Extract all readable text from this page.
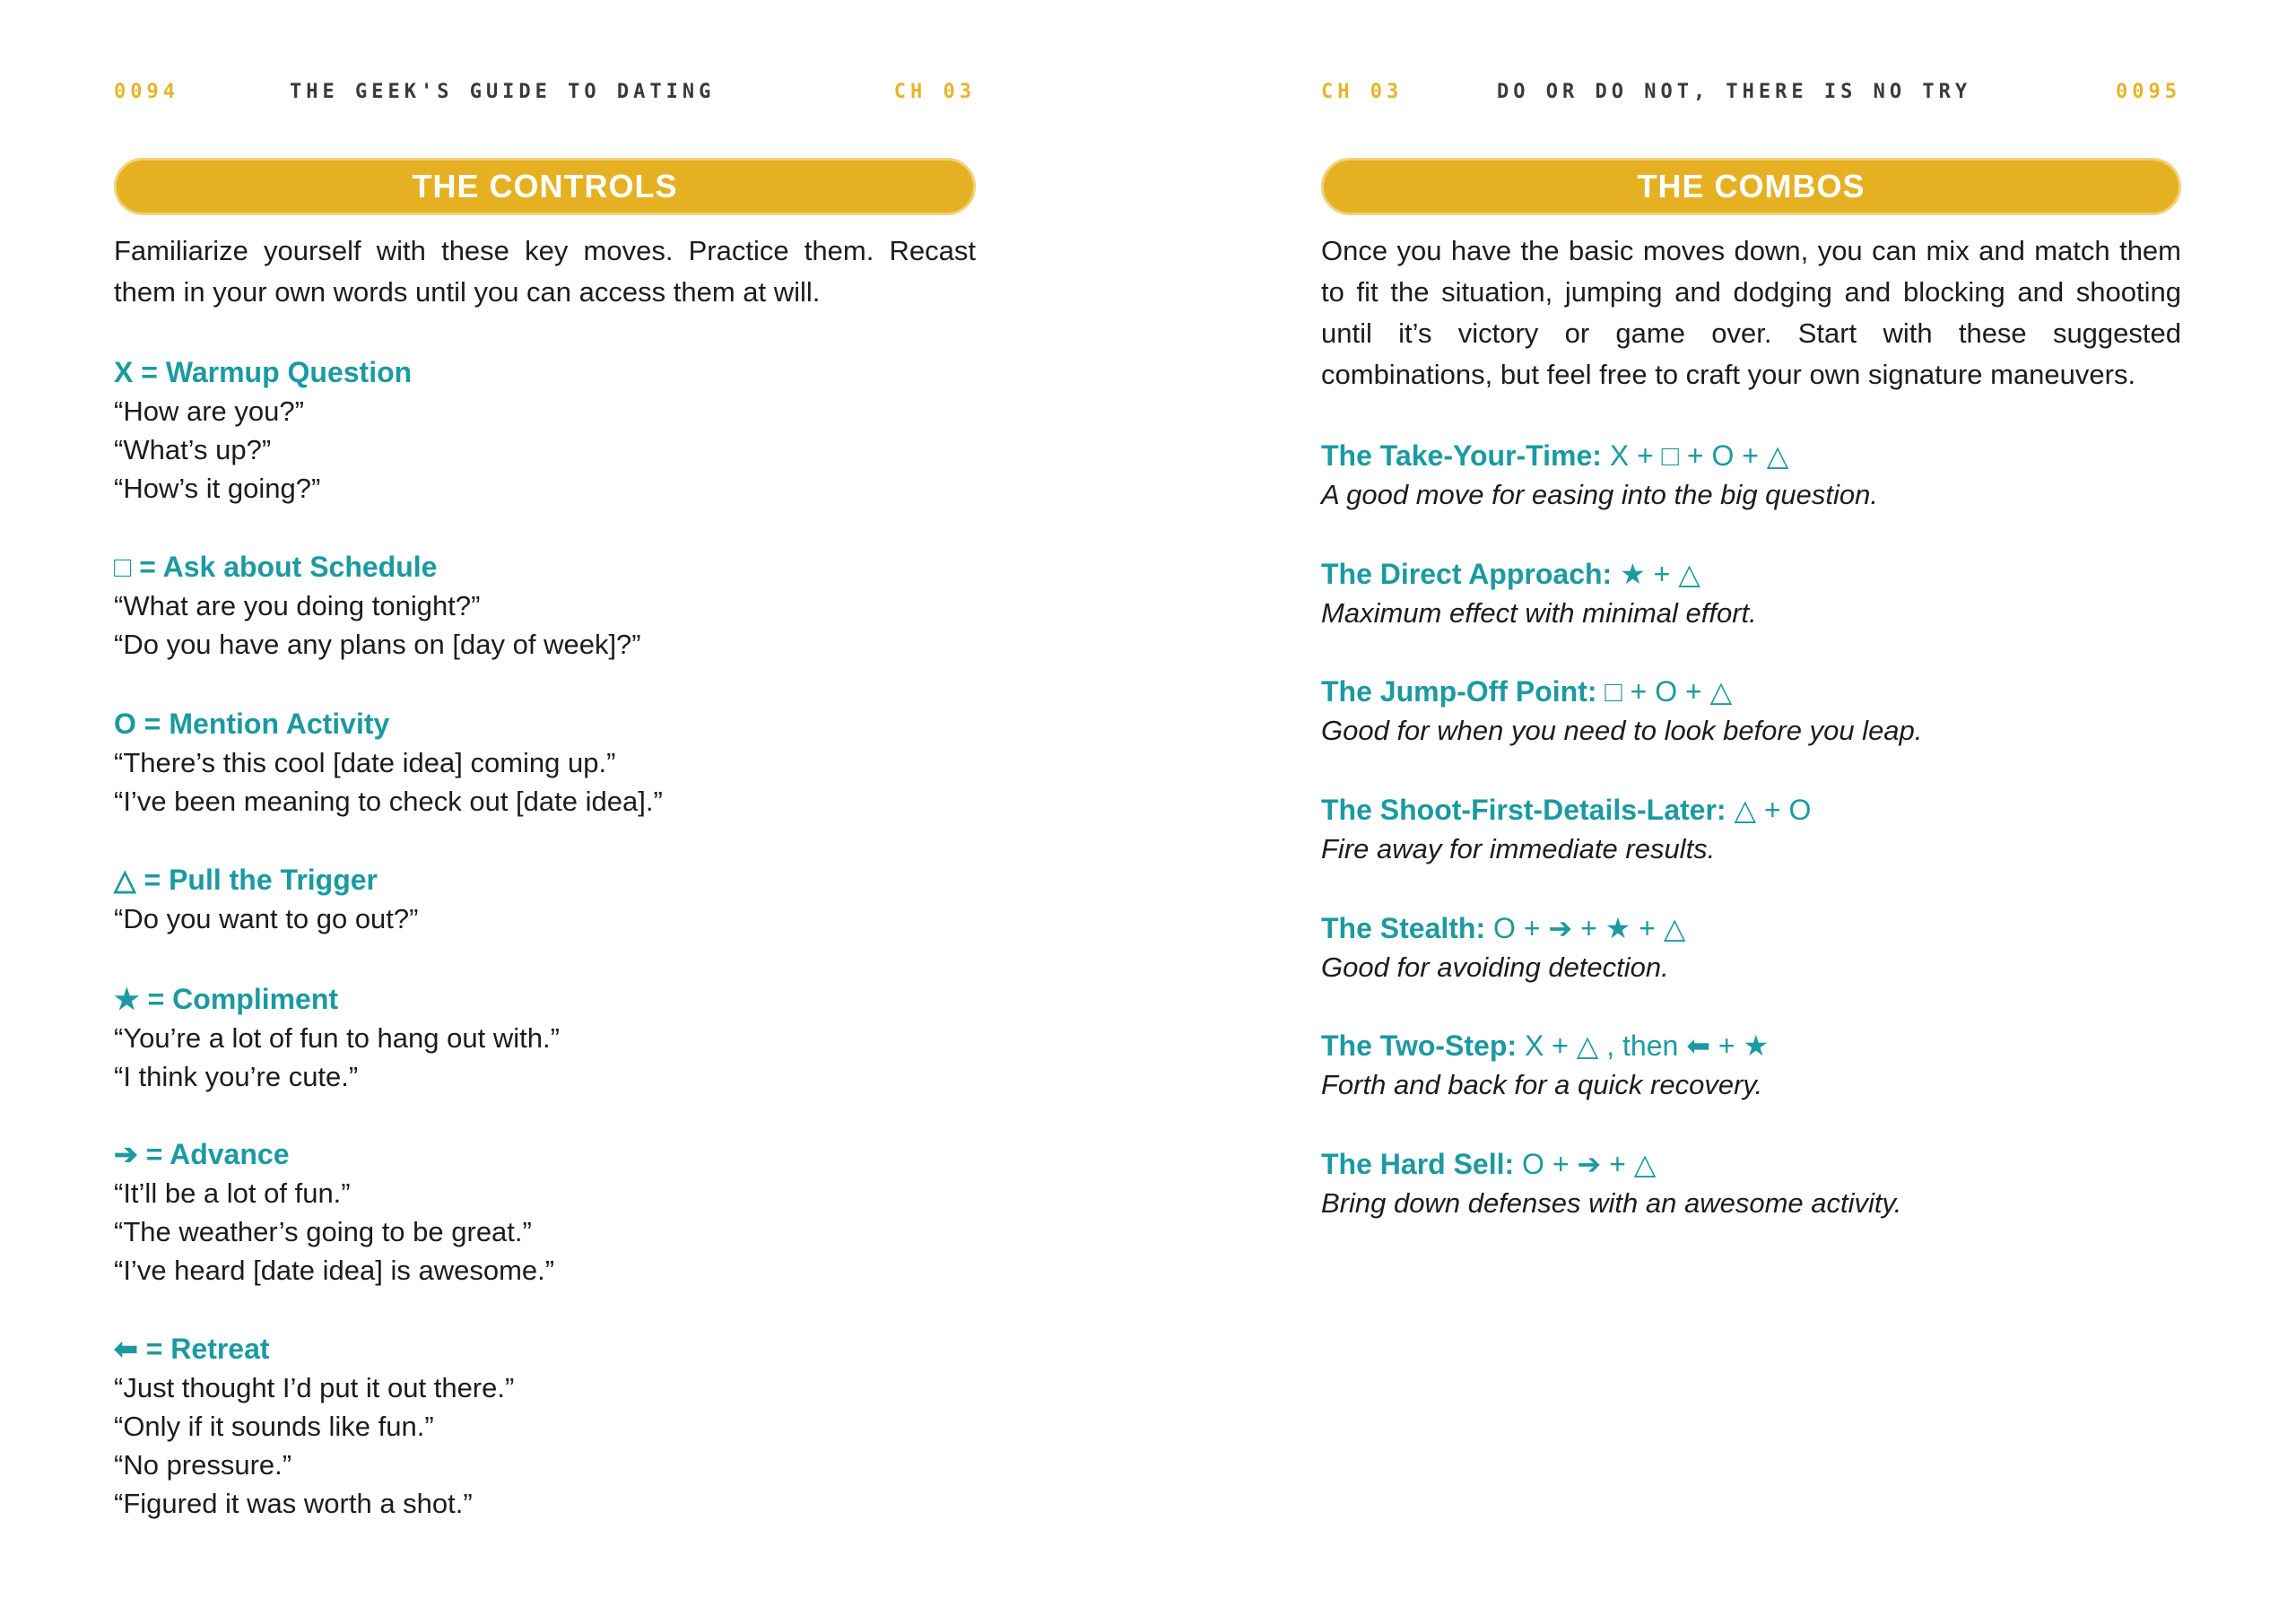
0094	THE GEEK'S GUIDE TO DATING	CH 03
THE CONTROLS
Familiarize yourself with these key moves. Practice them. Recast them in your own words until you can access them at will.
X = Warmup Question
“How are you?”
“What’s up?”
“How’s it going?”
□ = Ask about Schedule
“What are you doing tonight?”
“Do you have any plans on [day of week]?”
O = Mention Activity
“There’s this cool [date idea] coming up.”
“I’ve been meaning to check out [date idea].”
△ = Pull the Trigger
“Do you want to go out?”
★ = Compliment
“You’re a lot of fun to hang out with.”
“I think you’re cute.”
➔ = Advance
“It’ll be a lot of fun.”
“The weather’s going to be great.”
“I’ve heard [date idea] is awesome.”
⬅ = Retreat
“Just thought I’d put it out there.”
“Only if it sounds like fun.”
“No pressure.”
“Figured it was worth a shot.”
CH 03	DO OR DO NOT, THERE IS NO TRY	0095
THE COMBOS
Once you have the basic moves down, you can mix and match them to fit the situation, jumping and dodging and blocking and shooting until it’s victory or game over. Start with these suggested combinations, but feel free to craft your own signature maneuvers.
The Take-Your-Time: X + □ + O + △
A good move for easing into the big question.
The Direct Approach: ★ + △
Maximum effect with minimal effort.
The Jump-Off Point: □ + O + △
Good for when you need to look before you leap.
The Shoot-First-Details-Later: △ + O
Fire away for immediate results.
The Stealth: O + ➔ + ★ + △
Good for avoiding detection.
The Two-Step: X + △ , then ⬅ + ★
Forth and back for a quick recovery.
The Hard Sell: O + ➔ + △
Bring down defenses with an awesome activity.
